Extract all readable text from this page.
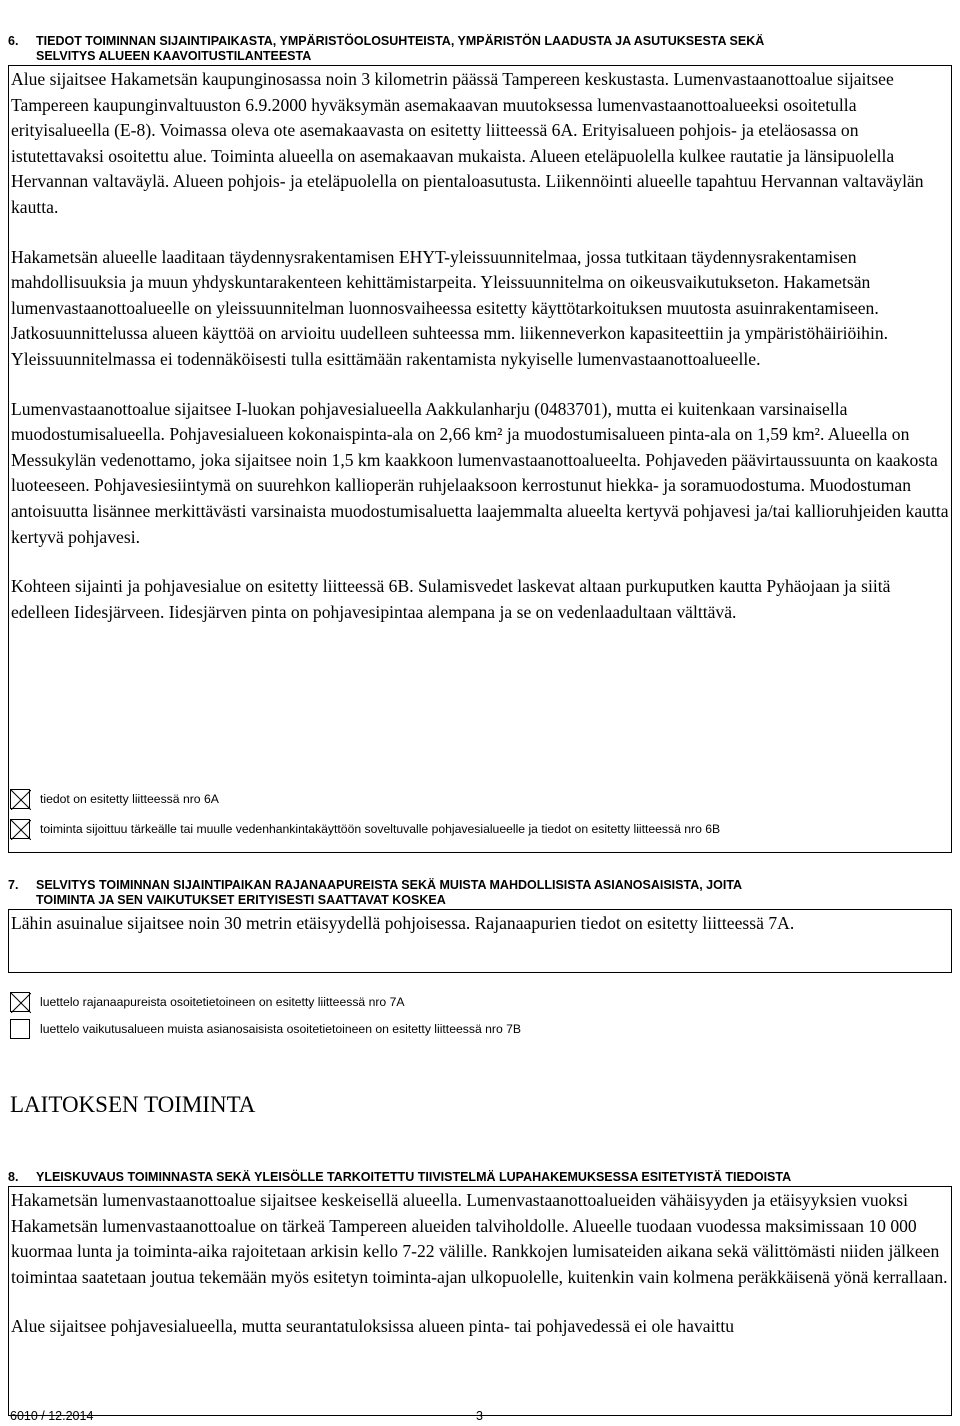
6. TIEDOT TOIMINNAN SIJAINTIPAIKASTA, YMPÄRISTÖOLOSUHTEISTA, YMPÄRISTÖN LAADUSTA JA ASUTUKSESTA SEKÄ
SELVITYS ALUEEN KAAVOITUSTILANTEESTA

Alue sijaitsee Hakametsän kaupunginosassa noin 3 kilometrin päässä Tampereen keskustasta. Lumenvastaanottoalue sijaitsee Tampereen kaupunginvaltuuston 6.9.2000 hyväksymän asemakaavan muutoksessa lumenvastaanottoalueeksi osoitetulla erityisalueella (E-8). Voimassa oleva ote asemakaavasta on esitetty liitteessä 6A. Erityisalueen pohjois- ja eteläosassa on istutettavaksi osoitettu alue. Toiminta alueella on asemakaavan mukaista. Alueen eteläpuolella kulkee rautatie ja länsipuolella Hervannan valtaväylä. Alueen pohjois- ja eteläpuolella on pientaloasutusta. Liikennöinti alueelle tapahtuu Hervannan valtaväylän kautta.

Hakametsän alueelle laaditaan täydennysrakentamisen EHYT-yleissuunnitelmaa, jossa tutkitaan täydennysrakentamisen mahdollisuuksia ja muun yhdyskuntarakenteen kehittämistarpeita. Yleissuunnitelma on oikeusvaikutukseton. Hakametsän lumenvastaanottoalueelle on yleissuunnitelman luonnosvaiheessa esitetty käyttötarkoituksen muutosta asuinrakentamiseen. Jatkosuunnittelussa alueen käyttöä on arvioitu uudelleen suhteessa mm. liikenneverkon kapasiteettiin ja ympäristöhäiriöihin. Yleissuunnitelmassa ei todennäköisesti tulla esittämään rakentamista nykyiselle lumenvastaanottoalueelle.

Lumenvastaanottoalue sijaitsee I-luokan pohjavesialueella Aakkulanharju (0483701), mutta ei kuitenkaan varsinaisella muodostumisalueella. Pohjavesialueen kokonaispinta-ala on 2,66 km² ja muodostumisalueen pinta-ala on 1,59 km². Alueella on Messukylän vedenottamo, joka sijaitsee noin 1,5 km kaakkoon lumenvastaanottoalueelta. Pohjaveden päävirtaussuunta on kaakosta luoteeseen. Pohjavesiesiintymä on suurehkon kallioperän ruhjelaaksoon kerrostunut hiekka- ja soramuodostuma. Muodostuman antoisuutta lisännee merkittävästi varsinaista muodostumisaluetta laajemmalta alueelta kertyvä pohjavesi ja/tai kallioruhjeiden kautta kertyvä pohjavesi.

Kohteen sijainti ja pohjavesialue on esitetty liitteessä 6B. Sulamisvedet laskevat altaan purkuputken kautta Pyhäojaan ja siitä edelleen Iidesjärveen. Iidesjärven pinta on pohjavesipintaa alempana ja se on vedenlaadultaan välttävä.

tiedot on esitetty liitteessä nro 6A
toiminta sijoittuu tärkeälle tai muulle vedenhankintakäyttöön soveltuvalle pohjavesialueelle ja tiedot on esitetty liitteessä nro 6B
7. SELVITYS TOIMINNAN SIJAINTIPAIKAN RAJANAAPUREISTA SEKÄ MUISTA MAHDOLLISISTA ASIANOSAISISTA, JOITA
TOIMINTA JA SEN VAIKUTUKSET ERITYISESTI SAATTAVAT KOSKEA

Lähin asuinalue sijaitsee noin 30 metrin etäisyydellä pohjoisessa. Rajanaapurien tiedot on esitetty liitteessä 7A.

luettelo rajanaapureista osoitetietoineen on esitetty liitteessä nro 7A
luettelo vaikutusalueen muista asianosaisista osoitetietoineen on esitetty liitteessä nro 7B
LAITOKSEN TOIMINTA
8. YLEISKUVAUS TOIMINNASTA SEKÄ YLEISÖLLE TARKOITETTU TIIVISTELMÄ LUPAHAKEMUKSESSA ESITETYISTÄ TIEDOISTA

Hakametsän lumenvastaanottoalue sijaitsee keskeisellä alueella. Lumenvastaanottoalueiden vähäisyyden ja etäisyyksien vuoksi Hakametsän lumenvastaanottoalue on tärkeä Tampereen alueiden talviholdolle. Alueelle tuodaan vuodessa maksimissaan 10 000 kuormaa lunta ja toiminta-aika rajoitetaan arkisin kello 7-22 välille. Rankkojen lumisateiden aikana sekä välittömästi niiden jälkeen toimintaa saatetaan joutua tekemään myös esitetyn toiminta-ajan ulkopuolelle, kuitenkin vain kolmena peräkkäisenä yönä kerrallaan.

Alue sijaitsee pohjavesialueella, mutta seurantatuloksissa alueen pinta- tai pohjavedessä ei ole havaittu

6010 / 12.2014	3
